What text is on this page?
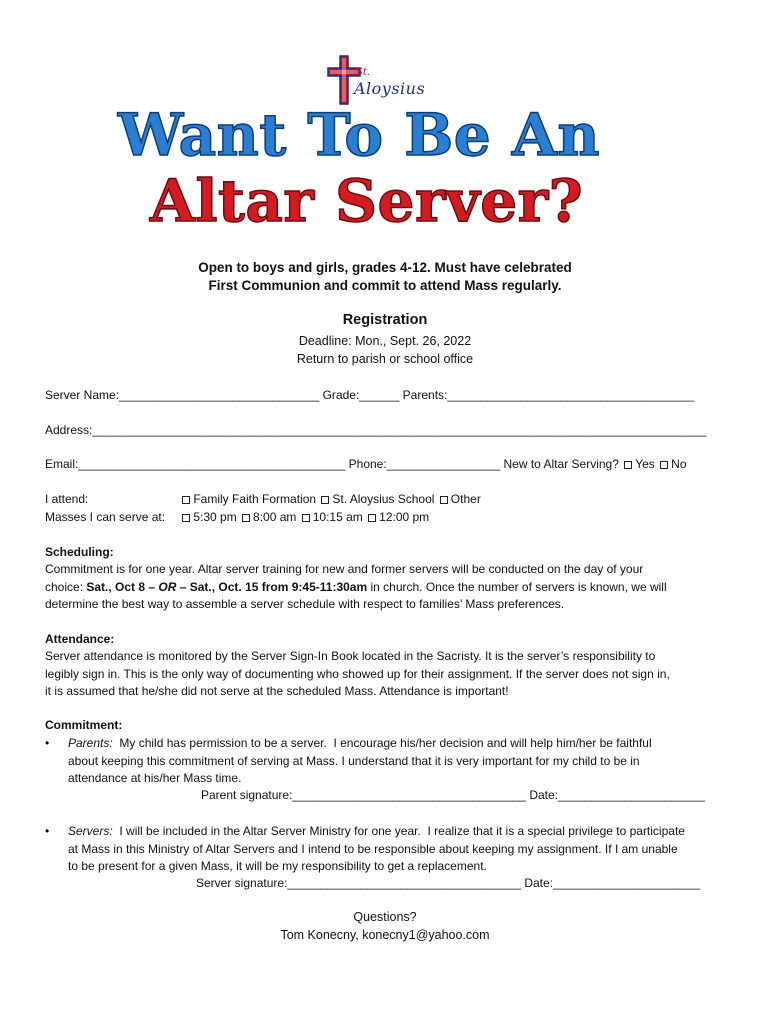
St.
Aloysius
Want To Be An
Altar Server?
Open to boys and girls, grades 4-12. Must have celebrated
First Communion and commit to attend Mass regularly.
Registration
Deadline: Mon., Sept. 26, 2022
Return to parish or school office
Server Name:______________________________ Grade:______ Parents:_____________________________________
Address:____________________________________________________________________________________________
Email:________________________________________ Phone:_________________ New to Altar Serving? Yes No
I attend:	Family Faith Formation St. Aloysius School Other
Masses I can serve at: 5:30 pm 8:00 am 10:15 am 12:00 pm
Scheduling:
Commitment is for one year. Altar server training for new and former servers will be conducted on the day of your
choice: Sat., Oct 8 – OR – Sat., Oct. 15 from 9:45-11:30am in church. Once the number of servers is known, we will
determine the best way to assemble a server schedule with respect to families’ Mass preferences.
Attendance:
Server attendance is monitored by the Server Sign-In Book located in the Sacristy. It is the server’s responsibility to
legibly sign in. This is the only way of documenting who showed up for their assignment. If the server does not sign in,
it is assumed that he/she did not serve at the scheduled Mass. Attendance is important!
Commitment:
• Parents:  My child has permission to be a server.  I encourage his/her decision and will help him/her be faithful
about keeping this commitment of serving at Mass. I understand that it is very important for my child to be in
attendance at his/her Mass time.
Parent signature:___________________________________ Date:______________________
• Servers:  I will be included in the Altar Server Ministry for one year.  I realize that it is a special privilege to participate
at Mass in this Ministry of Altar Servers and I intend to be responsible about keeping my assignment. If I am unable
to be present for a given Mass, it will be my responsibility to get a replacement.
Server signature:___________________________________ Date:______________________
Questions?
Tom Konecny, konecny1@yahoo.com
